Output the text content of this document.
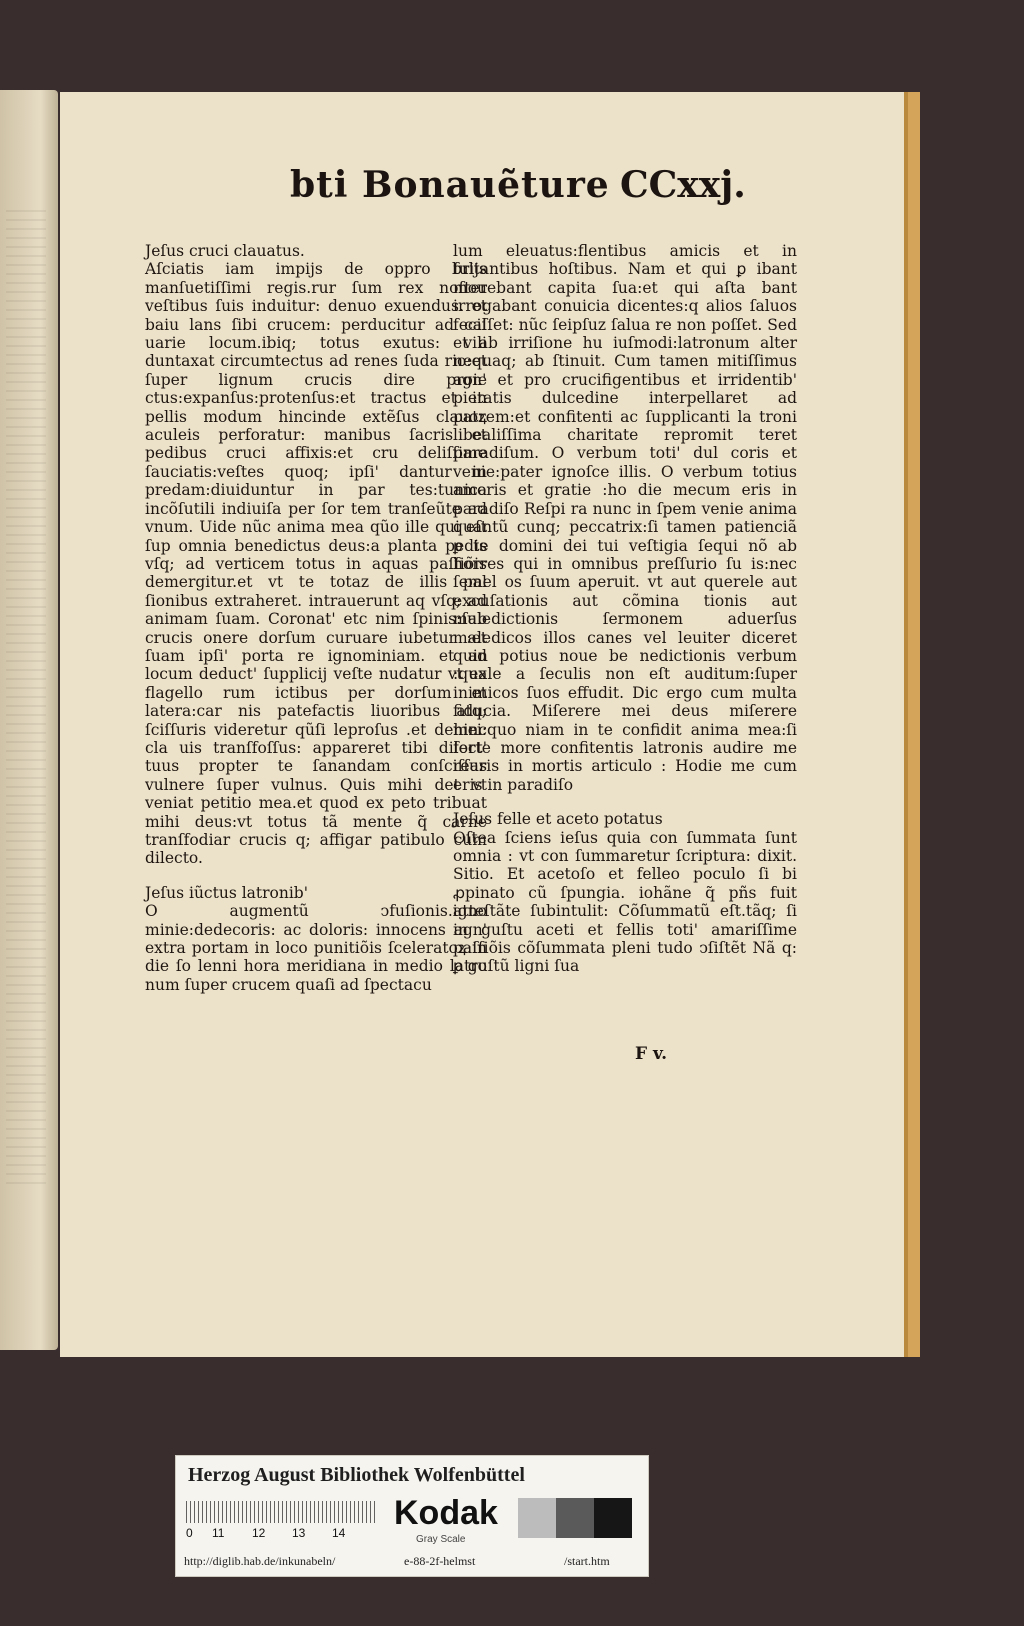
bti Bonauẽture CCxxj.

Jeſus cruci clauatus.

Aſciatis iam impijs de oppro brijs manſuetiſſimi regis.rur ſum rex noſter veſtibus ſuis induitur: denuo exuendus. et baiu lans ſibi crucem: perducitur ad cal uarie locum.ibiq; totus exutus: vili duntaxat circumtectus ad renes ſuda rio:et ſuper lignum crucis dire proie ctus:expanſus:protenſus:et tractus et in pellis modum hincinde extẽſus clauoꝝ aculeis perforatur: manibus ſacris et pedibus cruci affixis:et cru deliſſime ſauciatis:veſtes quoq; ipſi' dantur in predam:diuiduntur in par tes:tunica incõſutili indiuiſa per ſor tem tranſeũte ad vnum. Uide nũc anima mea qũo ille qui eſt ſup omnia benedictus deus:a planta pedis vſq; ad verticem totus in aquas paſſiõis demergitur.et vt te totaz de illis pal ſionibus extraheret. intrauerunt aq vſq; ad animam ſuam. Coronat' etc nim ſpinis:ſub crucis onere dorſum curuare iubetur :et ſuam ipſi' porta re ignominiam. et ad locum deduct' ſupplicij veſte nudatur vt ex flagello rum ictibus per dorſum et latera:car nis patefactis liuoribus atq; ſciſſuris videretur qũſi leproſus .et dehinc cla uis tranſfoſſus: appareret tibi dilect' tuus propter te ſanandam conſciſſus vulnere ſuper vulnus. Quis mihi det vt veniat petitio mea.et quod ex peto tribuat mihi deus:vt totus tã mente q̃ carne tranſfodiar crucis q; affigar patibulo cum dilecto.

Jeſus iũctus latronib'

O augmentũ ↄfuſionis.igno minie:dedecoris: ac doloris: innocens agn' extra portam in loco punitiõis ſceleratoꝝ:in die ſo lenni hora meridiana in medio latro num ſuper crucem quaſi ad ſpectacu

lum eleuatus:flentibus amicis et in ſultantibus hoſtibus. Nam et qui ꝑ ibant mouebant capita ſua:et qui aſta bant irrogabant conuicia dicentes:q alios ſaluos feciſſet: nũc ſeipſuz ſalua re non poſſet. Sed et ab irriſione hu iuſmodi:latronum alter nequaq; ab ſtinuit. Cum tamen mitiſſimus agn' et pro crucifigentibus et irridentib' pietatis dulcedine interpellaret ad patrem:et confitenti ac ſupplicanti la troni libealiſſima charitate repromit teret paradiſum. O verbum toti' dul coris et venie:pater ignoſce illis. O verbum totius amoris et gratie :ho die mecum eris in paradiſo Reſpi ra nunc in ſpem venie anima quantũ cunq; peccatrix:ſi tamen patienciã ꝑ te domini dei tui veſtigia ſequi nõ ab horres qui in omnibus preſſurio ſu is:nec ſemel os ſuum aperuit. vt aut querele aut excuſationis aut cõmina tionis aut maledictionis ſermonem aduerſus maledicos illos canes vel leuiter diceret quin potius noue be nedictionis verbum :quale a ſeculis non eſt auditum:ſuper inimicos ſuos effudit. Dic ergo cum multa fiducia. Miſerere mei deus miſerere mei:quo niam in te confidit anima mea:ſi forte more confitentis latronis audire me rearis in mortis articulo : Hodie me cum eris in paradiſo

Jeſus felle et aceto potatus

Oſtea ſciens ieſus quia con ſummata ſunt omnia : vt con ſummaretur ſcriptura: dixit. Sitio. Et acetoſo et felleo poculo ſi bi ꝓpinato cũ ſpungia. iohãne q̃ pñs fuit atteſtãte ſubintulit: Cõſummatũ eſt.tãq; ſi in guſtu aceti et fellis toti' amariſſime paſſiõis cõſummata pleni tudo ↄſiſtẽt Nã q: ꝑ guſtũ ligni ſua

F v.
Herzog August Bibliothek Wolfenbüttel
0	11	12	13	14
Kodak
Gray Scale
http://diglib.hab.de/inkunabeln/	e-88-2f-helmst	/start.htm
